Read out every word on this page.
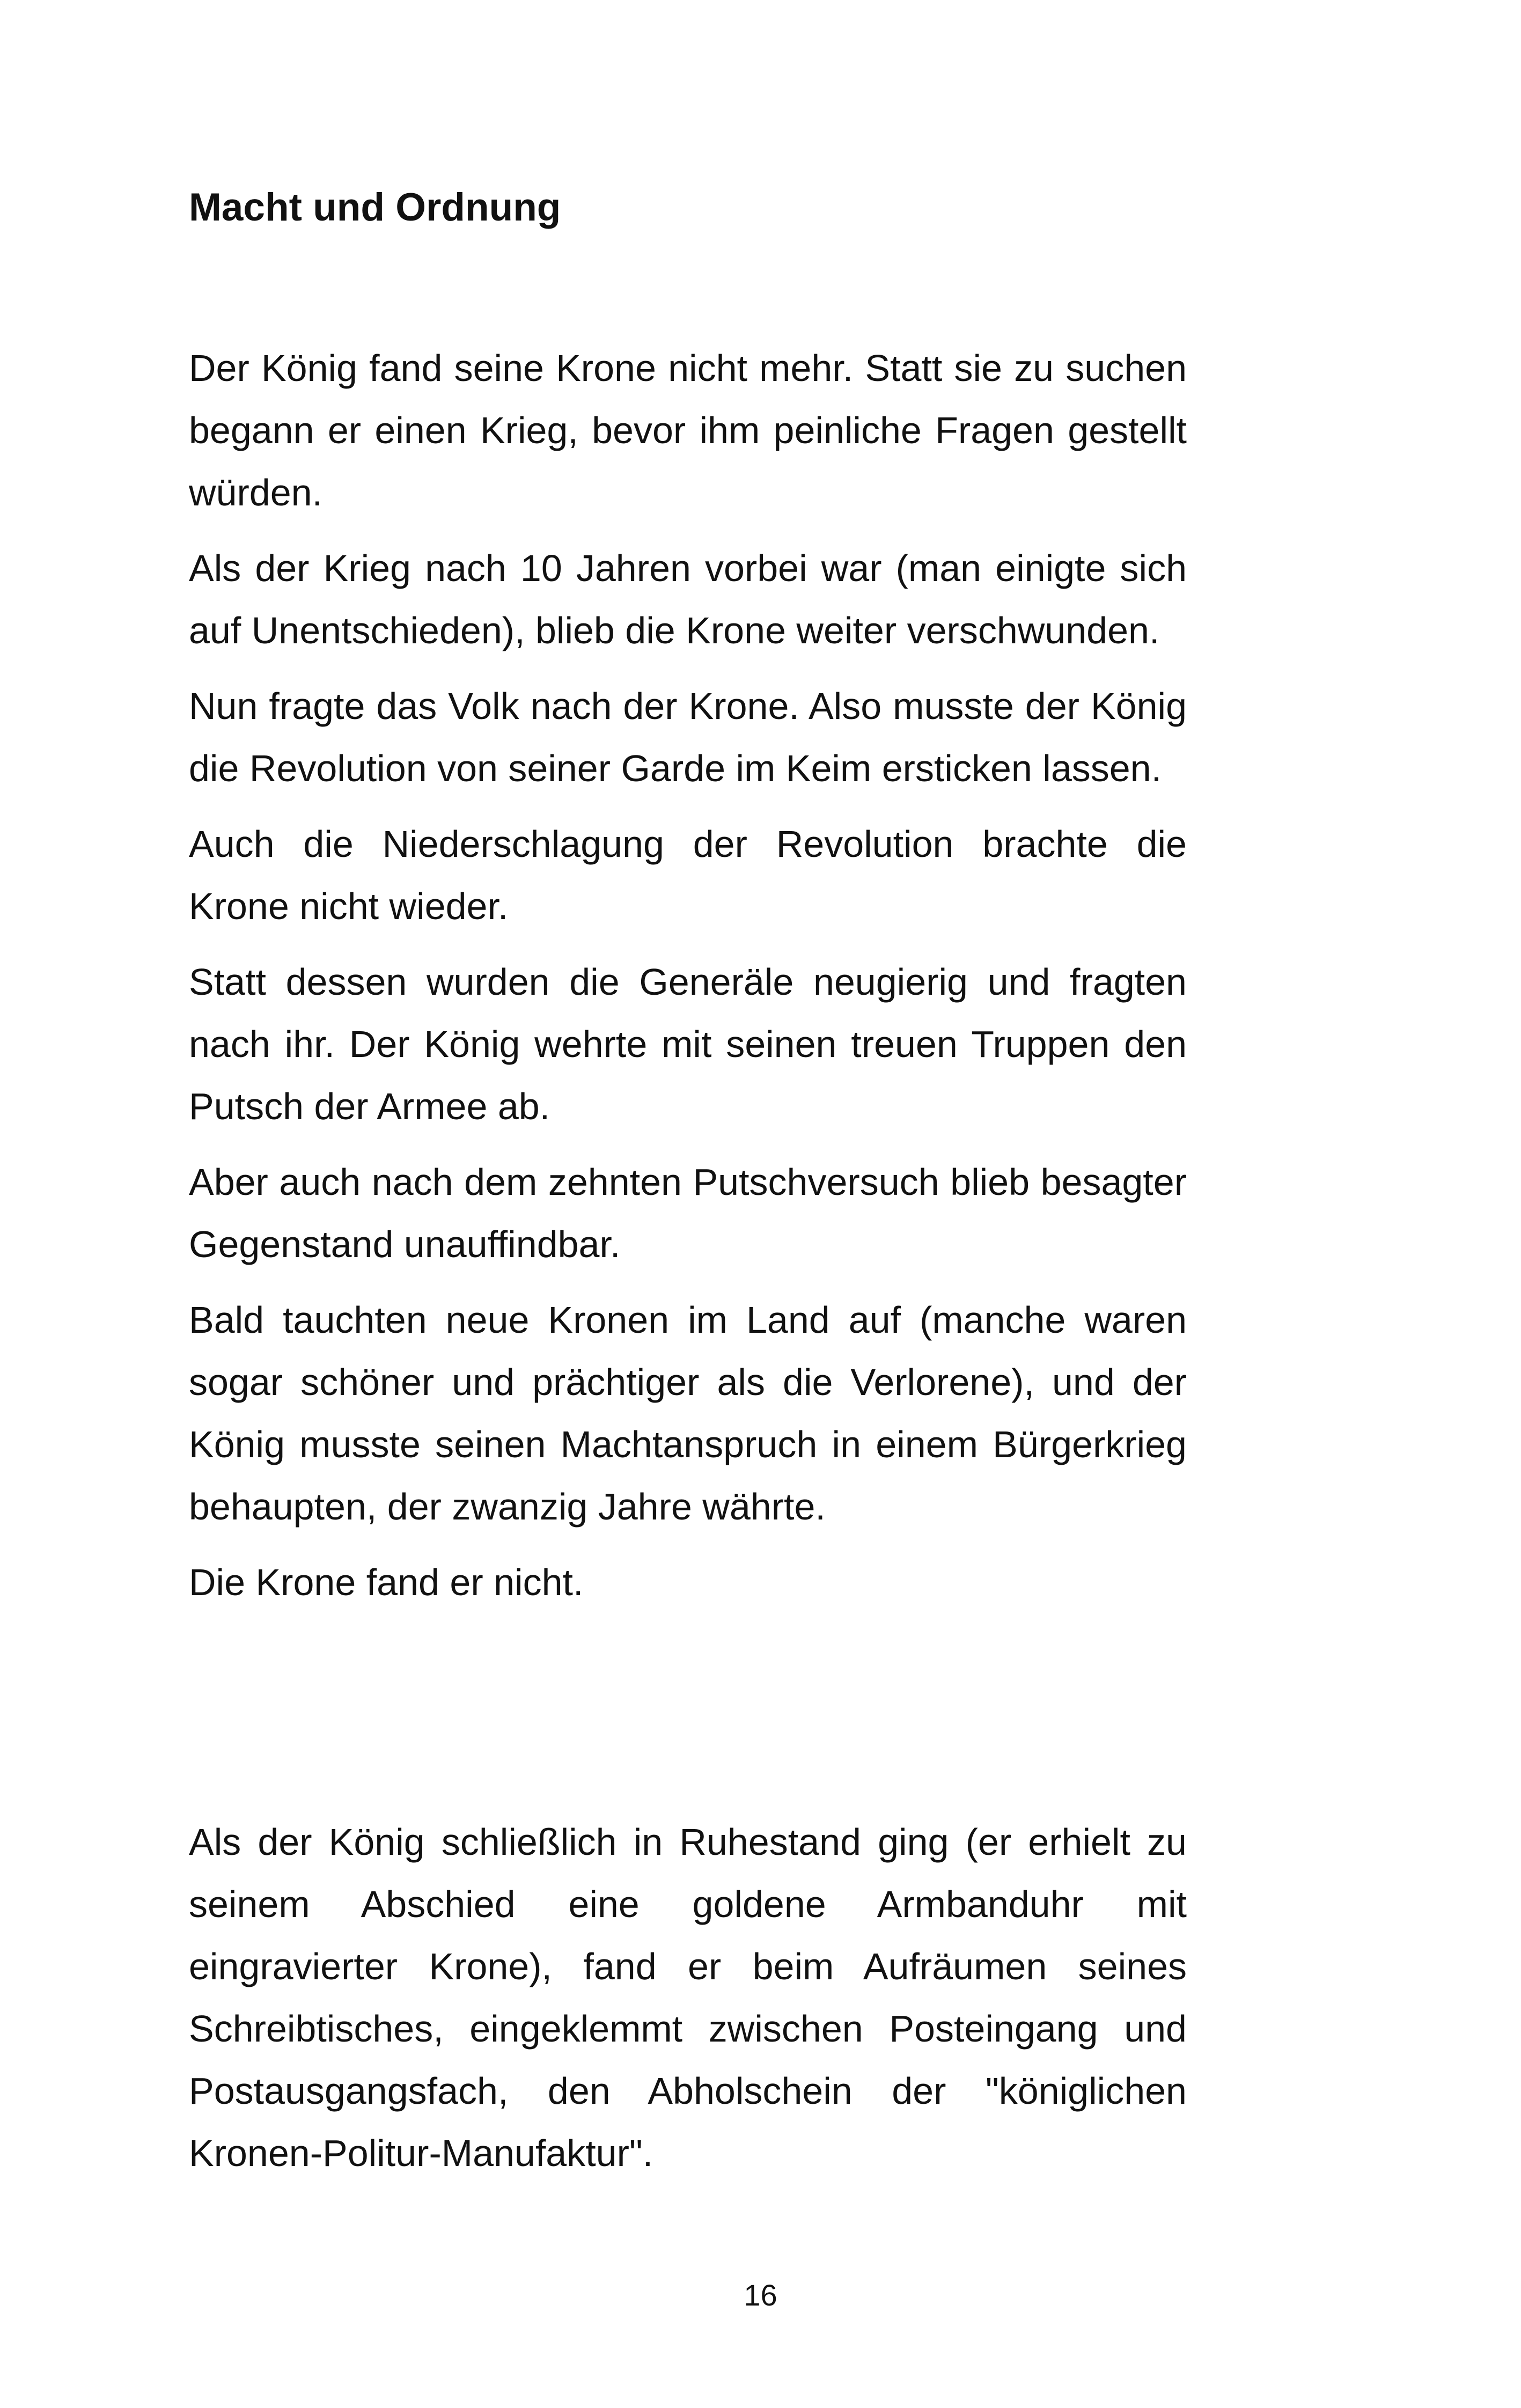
Macht und Ordnung

Der König fand seine Krone nicht mehr. Statt sie zu suchen begann er einen Krieg, bevor ihm peinliche Fragen gestellt würden.

Als der Krieg nach 10 Jahren vorbei war (man einigte sich auf Unentschieden), blieb die Krone weiter verschwunden.

Nun fragte das Volk nach der Krone. Also musste der König die Revolution von seiner Garde im Keim ersticken lassen.

Auch die Niederschlagung der Revolution brachte die Krone nicht wieder.

Statt dessen wurden die Generäle neugierig und fragten nach ihr. Der König wehrte mit seinen treuen Truppen den Putsch der Armee ab.

Aber auch nach dem zehnten Putschversuch blieb besagter Gegenstand unauffindbar.

Bald tauchten neue Kronen im Land auf (manche waren sogar schöner und prächtiger als die Verlorene), und der König musste seinen Machtanspruch in einem Bürgerkrieg behaupten, der zwanzig Jahre währte.

Die Krone fand er nicht.

Als der König schließlich in Ruhestand ging (er erhielt zu seinem Abschied eine goldene Armbanduhr mit eingravierter Krone), fand er beim Aufräumen seines Schreibtisches, eingeklemmt zwischen Posteingang und Postausgangsfach, den Abholschein der "königlichen Kronen-Politur-Manufaktur".

16
